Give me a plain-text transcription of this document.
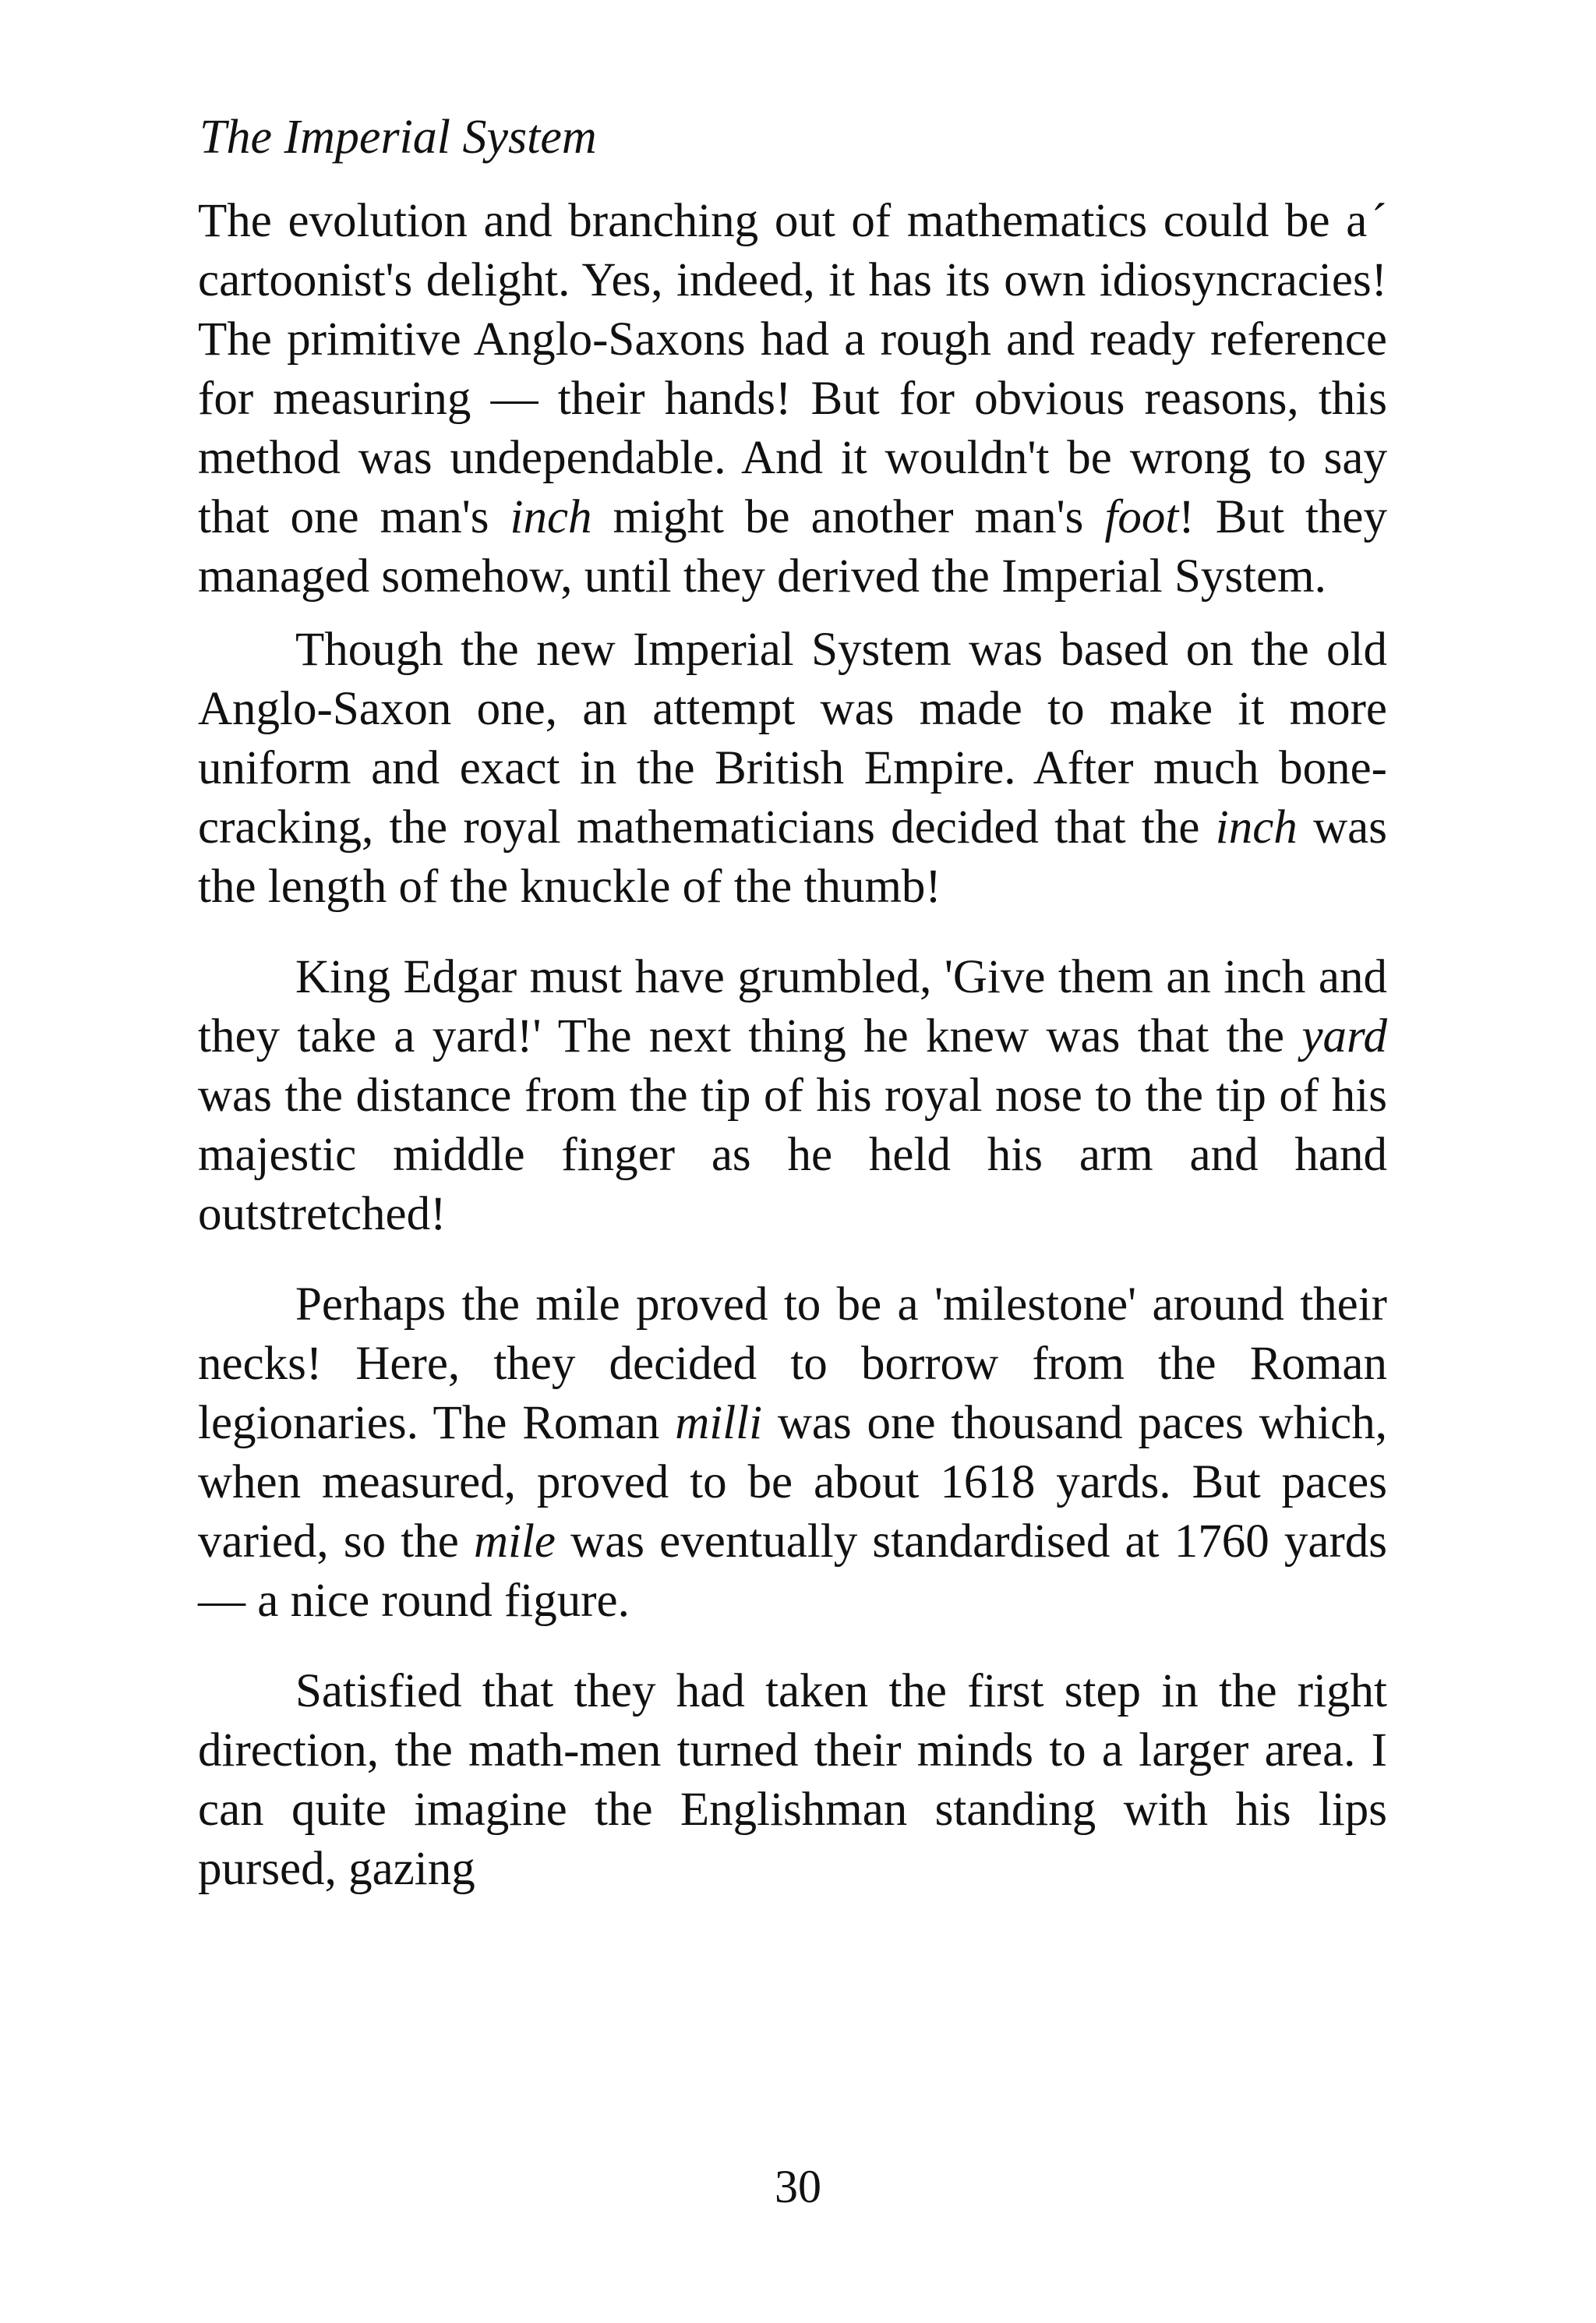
The Imperial System

The evolution and branching out of mathematics could be aˊ cartoonist's delight. Yes, indeed, it has its own idiosyncracies! The primitive Anglo-Saxons had a rough and ready reference for measuring — their hands! But for obvious reasons, this method was undependable. And it wouldn't be wrong to say that one man's inch might be another man's foot! But they managed somehow, until they derived the Imperial System.

Though the new Imperial System was based on the old Anglo-Saxon one, an attempt was made to make it more uniform and exact in the British Empire. After much bone-cracking, the royal mathematicians decided that the inch was the length of the knuckle of the thumb!

King Edgar must have grumbled, 'Give them an inch and they take a yard!' The next thing he knew was that the yard was the distance from the tip of his royal nose to the tip of his majestic middle finger as he held his arm and hand outstretched!

Perhaps the mile proved to be a 'milestone' around their necks! Here, they decided to borrow from the Roman legionaries. The Roman milli was one thousand paces which, when measured, proved to be about 1618 yards. But paces varied, so the mile was eventually standardised at 1760 yards — a nice round figure.

Satisfied that they had taken the first step in the right direction, the math-men turned their minds to a larger area. I can quite imagine the Englishman standing with his lips pursed, gazing

30
